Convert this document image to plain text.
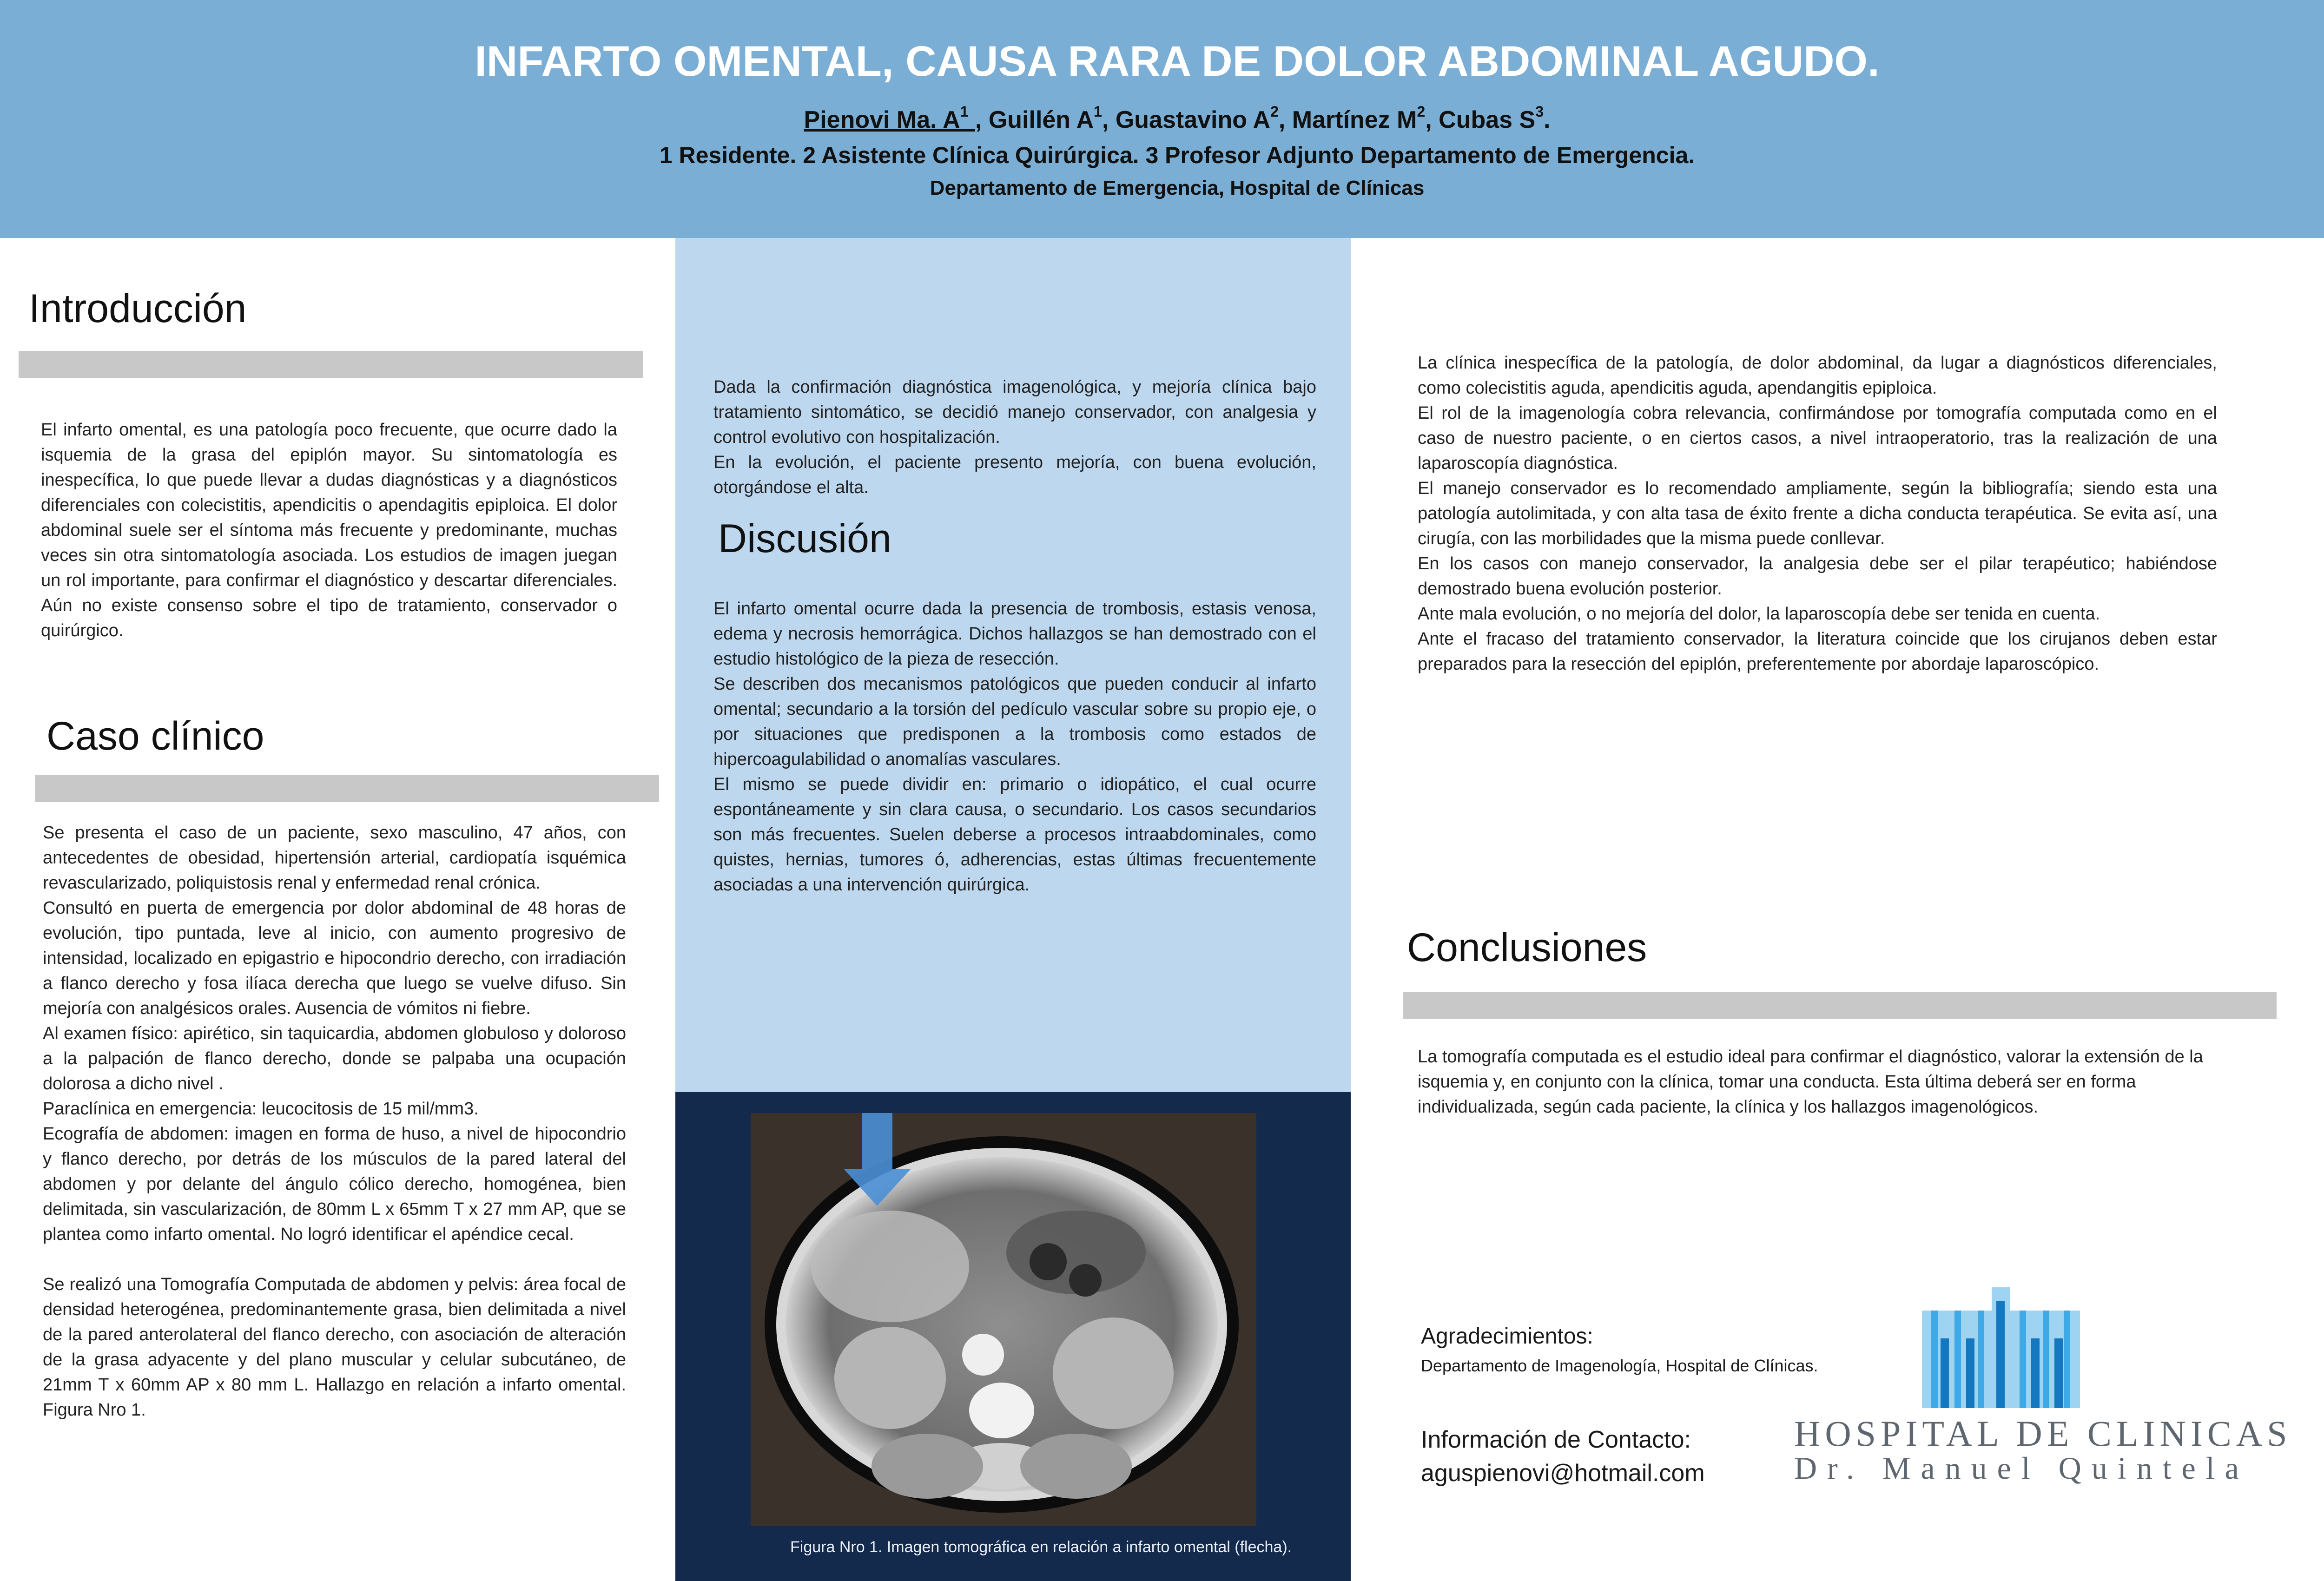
INFARTO OMENTAL, CAUSA RARA DE DOLOR ABDOMINAL AGUDO.
Pienovi Ma. $A^1$ , Guillén $A^1$, Guastavino $A^2$, Martínez $M^2$, Cubas $S^3$.
1 Residente. 2 Asistente Clínica Quirúrgica. 3 Profesor Adjunto Departamento de Emergencia.
Departamento de Emergencia, Hospital de Clínicas
Introducción
El infarto omental, es una patología poco frecuente, que ocurre dado la isquemia de la grasa del epiplón mayor. Su sintomatología es inespecífica, lo que puede llevar a dudas diagnósticas y a diagnósticos diferenciales con colecistitis, apendicitis o apendagitis epiploica. El dolor abdominal suele ser el síntoma más frecuente y predominante, muchas veces sin otra sintomatología asociada. Los estudios de imagen juegan un rol importante, para confirmar el diagnóstico y descartar diferenciales. Aún no existe consenso sobre el tipo de tratamiento, conservador o quirúrgico.
Caso clínico
Se presenta el caso de un paciente, sexo masculino, 47 años, con antecedentes de obesidad, hipertensión arterial, cardiopatía isquémica revascularizado, poliquistosis renal y enfermedad renal crónica.
Consultó en puerta de emergencia por dolor abdominal de 48 horas de evolución, tipo puntada, leve al inicio, con aumento progresivo de intensidad, localizado en epigastrio e hipocondrio derecho, con irradiación a flanco derecho y fosa ilíaca derecha que luego se vuelve difuso. Sin mejoría con analgésicos orales. Ausencia de vómitos ni fiebre.
Al examen físico: apirético, sin taquicardia, abdomen globuloso y doloroso a la palpación de flanco derecho, donde se palpaba una ocupación dolorosa a dicho nivel .
Paraclínica en emergencia: leucocitosis de 15 mil/mm3.
Ecografía de abdomen: imagen en forma de huso, a nivel de hipocondrio y flanco derecho, por detrás de los músculos de la pared lateral del abdomen y por delante del ángulo cólico derecho, homogénea, bien delimitada, sin vascularización, de 80mm L x 65mm T x 27 mm AP, que se plantea como infarto omental. No logró identificar el apéndice cecal.

Se realizó una Tomografía Computada de abdomen y pelvis: área focal de densidad heterogénea, predominantemente grasa, bien delimitada a nivel de la pared anterolateral del flanco derecho, con asociación de alteración de la grasa adyacente y del plano muscular y celular subcutáneo, de 21mm T x 60mm AP x 80 mm L. Hallazgo en relación a infarto omental. Figura Nro 1.
Dada la confirmación diagnóstica imagenológica, y mejoría clínica bajo tratamiento sintomático, se decidió manejo conservador, con analgesia y control evolutivo con hospitalización.
En la evolución, el paciente presento mejoría, con buena evolución, otorgándose el alta.
Discusión
El infarto omental ocurre dada la presencia de trombosis, estasis venosa, edema y necrosis hemorrágica. Dichos hallazgos se han demostrado con el estudio histológico de la pieza de resección.
Se describen dos mecanismos patológicos que pueden conducir al infarto omental; secundario a la torsión del pedículo vascular sobre su propio eje, o por situaciones que predisponen a la trombosis como estados de hipercoagulabilidad o anomalías vasculares.
El mismo se puede dividir en: primario o idiopático, el cual ocurre espontáneamente y sin clara causa, o secundario. Los casos secundarios son más frecuentes. Suelen deberse a procesos intraabdominales, como quistes, hernias, tumores ó, adherencias, estas últimas frecuentemente asociadas a una intervención quirúrgica.
Figura Nro 1. Imagen tomográfica en relación a infarto omental (flecha).
La clínica inespecífica de la patología, de dolor abdominal, da lugar a diagnósticos diferenciales, como colecistitis aguda, apendicitis aguda, apendangitis epiploica.
El rol de la imagenología cobra relevancia, confirmándose por tomografía computada como en el caso de nuestro paciente, o en ciertos casos, a nivel intraoperatorio, tras la realización de una laparoscopía diagnóstica.
El manejo conservador es lo recomendado ampliamente, según la bibliografía; siendo esta una patología autolimitada, y con alta tasa de éxito frente a dicha conducta terapéutica. Se evita así, una cirugía, con las morbilidades que la misma puede conllevar.
En los casos con manejo conservador, la analgesia debe ser el pilar terapéutico; habiéndose demostrado buena evolución posterior.
Ante mala evolución, o no mejoría del dolor, la laparoscopía debe ser tenida en cuenta.
Ante el fracaso del tratamiento conservador, la literatura coincide que los cirujanos deben estar preparados para la resección del epiplón, preferentemente por abordaje laparoscópico.
Conclusiones
La tomografía computada es el estudio ideal para confirmar el diagnóstico, valorar la extensión de la isquemia y, en conjunto con la clínica, tomar una conducta. Esta última deberá ser en forma individualizada, según cada paciente, la clínica y los hallazgos imagenológicos.
Agradecimientos:
Departamento de Imagenología, Hospital de Clínicas.
Información de Contacto:
aguspienovi@hotmail.com
HOSPITAL DE CLINICAS
Dr. Manuel Quintela
